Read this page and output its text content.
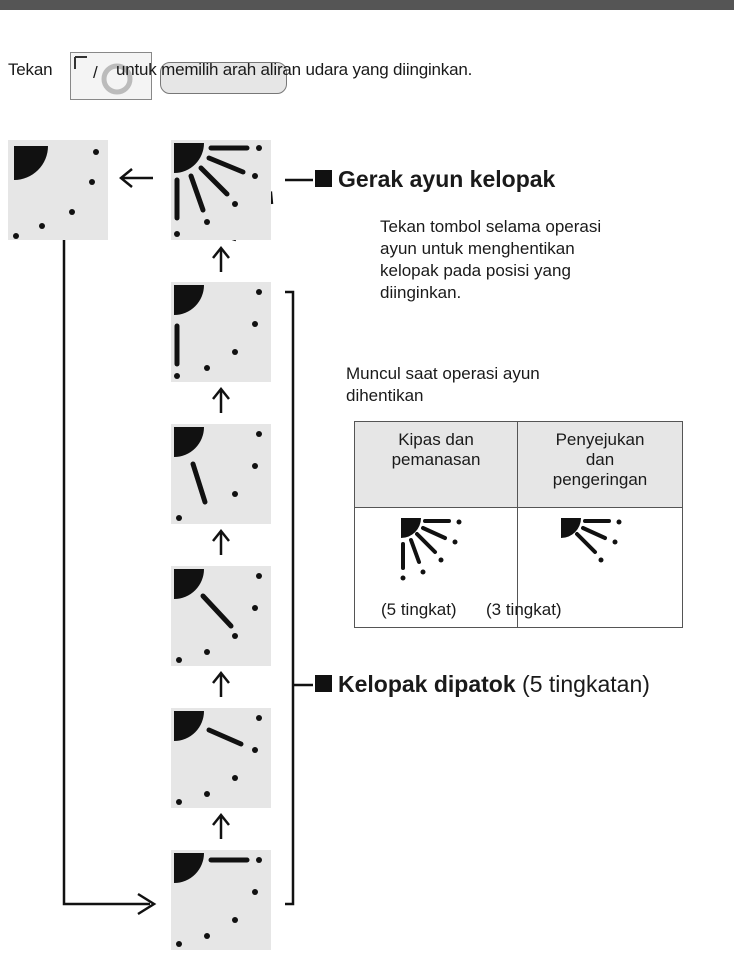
Tekan / untuk memilih arah aliran udara yang diinginkan.
Gerak ayun kelopak
Tekan tombol selama operasi
ayun untuk menghentikan
kelopak pada posisi yang
diinginkan.
Muncul saat operasi ayun
dihentikan
Kipas dan
pemanasan
Penyejukan
dan
pengeringan
(5 tingkat) (3 tingkat)
Kelopak dipatok (5 tingkatan)
